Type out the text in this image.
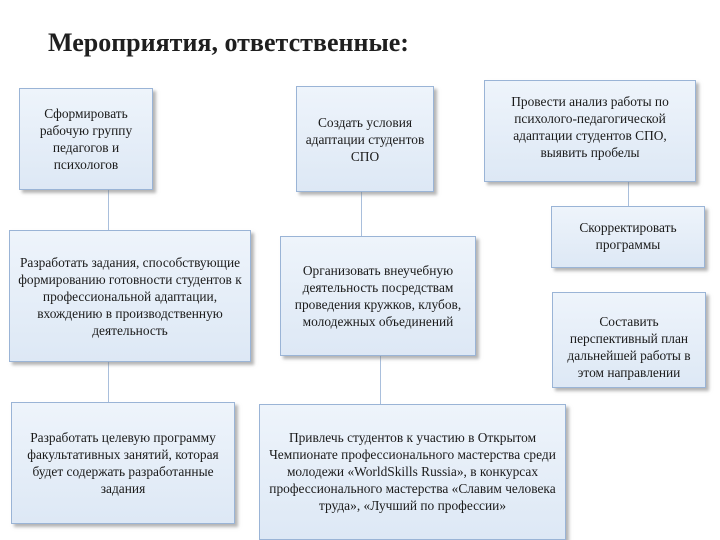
Мероприятия, ответственные:
Сформировать рабочую группу педагогов и психологов
Разработать задания, способствующие формированию готовности студентов к профессиональной адаптации, вхождению в производственную деятельность
Разработать целевую программу факультативных занятий, которая будет содержать разработанные задания
Создать условия адаптации студентов СПО
Организовать внеучебную деятельность посредствам проведения кружков, клубов, молодежных объединений
Привлечь студентов к участию в Открытом Чемпионате профессионального мастерства среди молодежи «WorldSkills Russia», в конкурсах профессионального мастерства «Славим человека труда», «Лучший по профессии»
Провести анализ работы по психолого-педагогической адаптации студентов СПО, выявить пробелы
Скорректировать программы
Составить перспективный план дальнейшей работы в этом направлении
